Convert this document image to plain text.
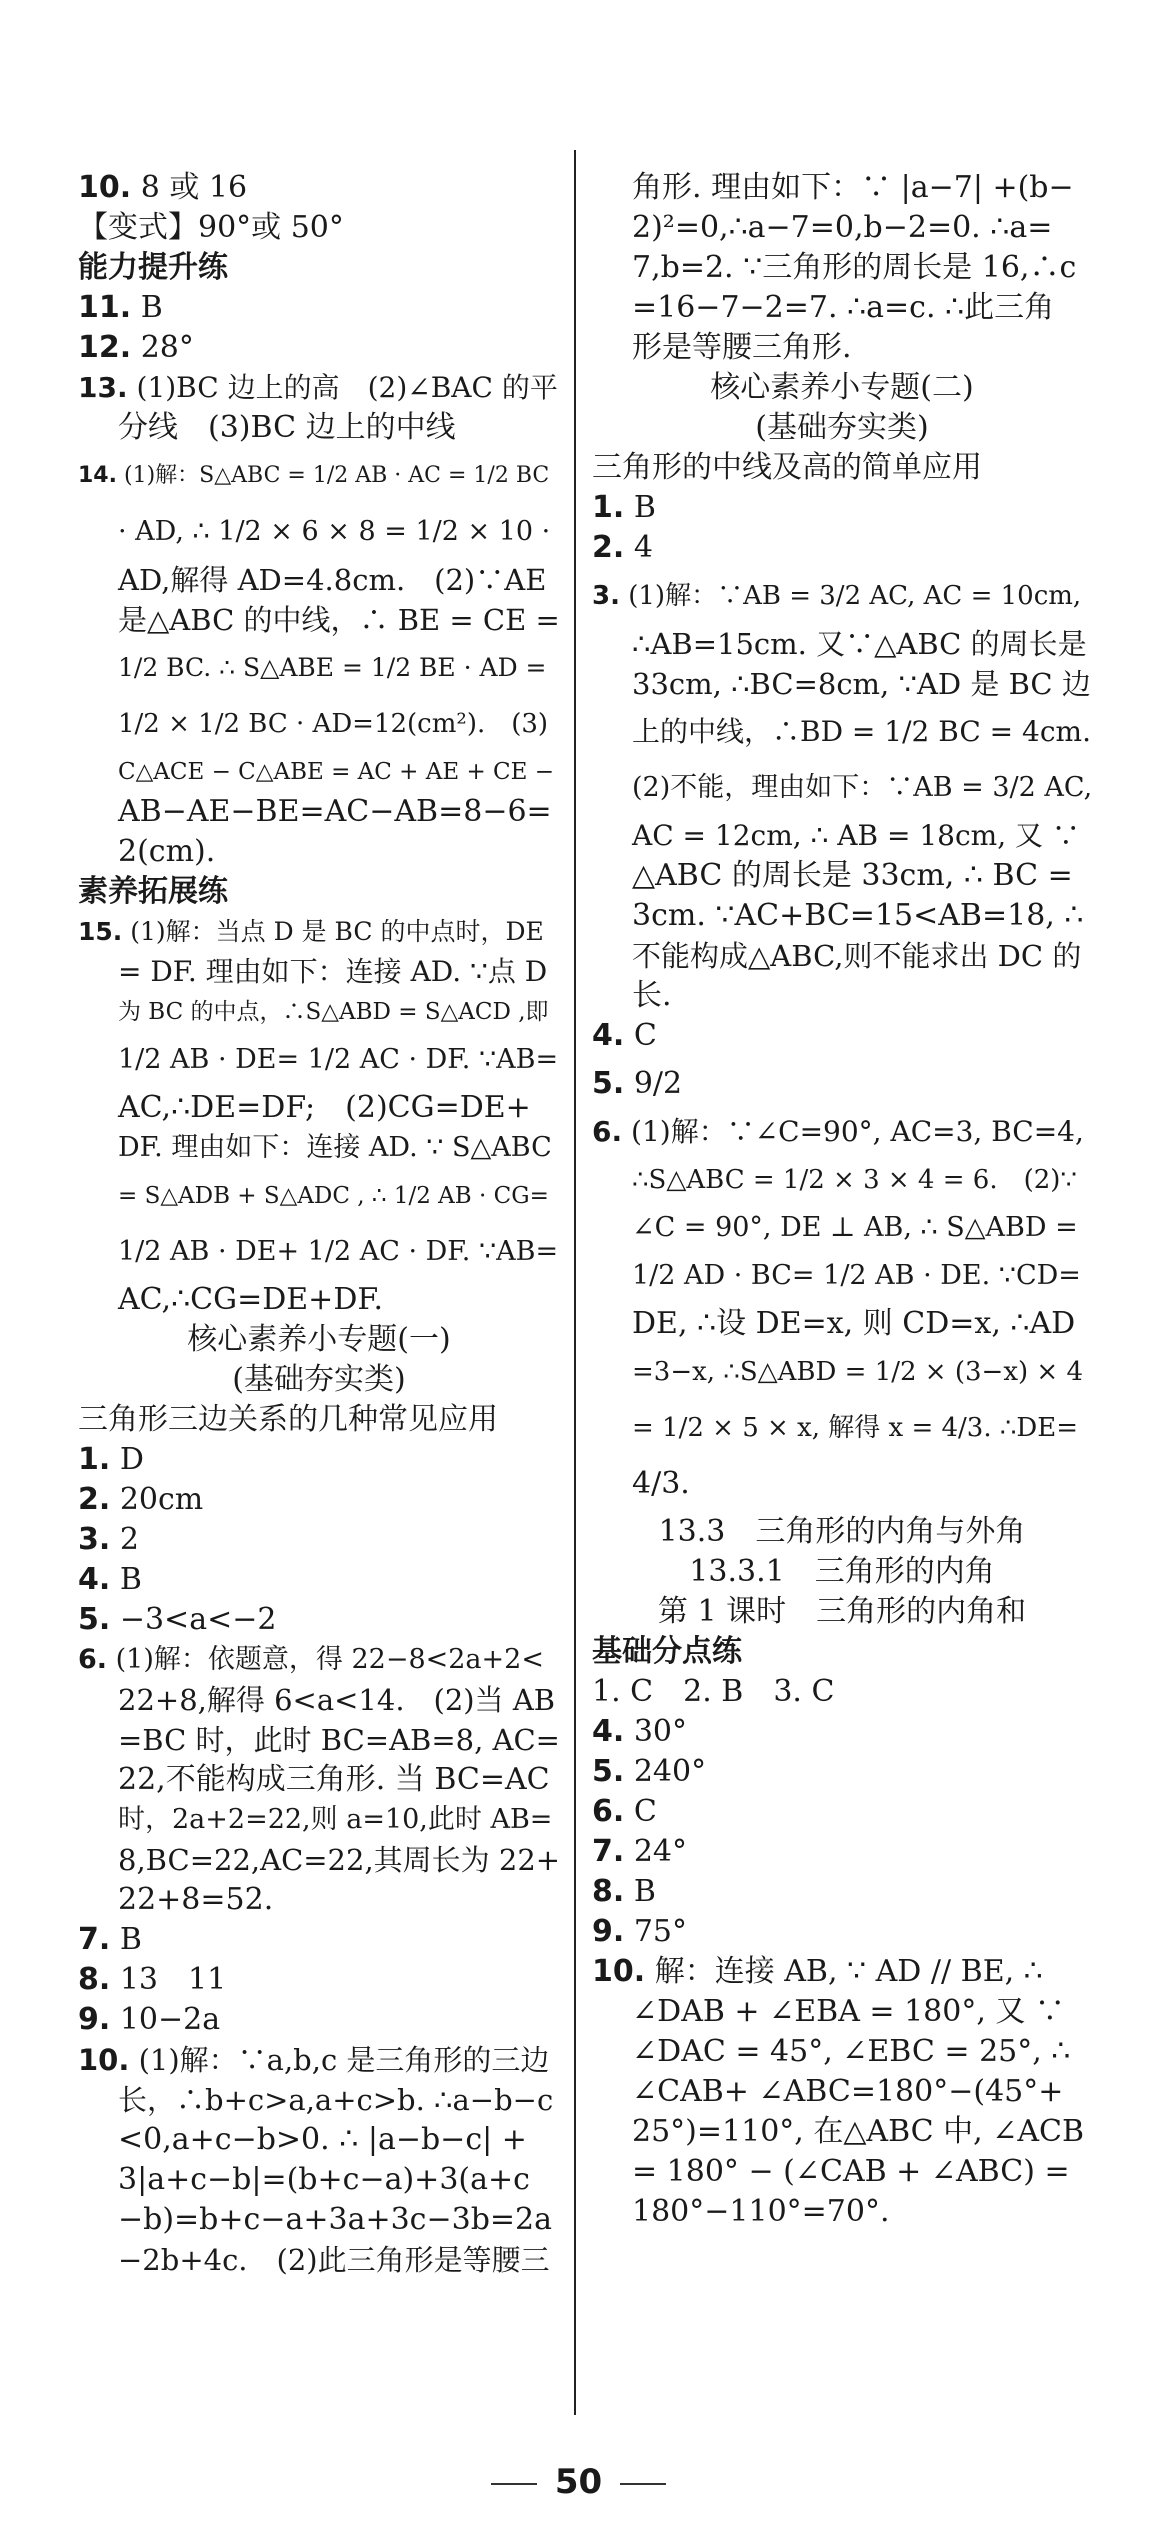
10. 8 或 16
【变式】90°或 50°
能力提升练
11. B
12. 28°
13. (1)BC 边上的高　(2)∠BAC 的平
分线　(3)BC 边上的中线
14. (1)解：S△ABC = 1/2 AB · AC = 1/2 BC
· AD, ∴ 1/2 × 6 × 8 = 1/2 × 10 ·
AD,解得 AD=4.8cm.　(2)∵AE
是△ABC 的中线，∴ BE = CE =
1/2 BC. ∴ S△ABE = 1/2 BE · AD =
1/2 × 1/2 BC · AD=12(cm²).　(3)
C△ACE − C△ABE = AC + AE + CE −
AB−AE−BE=AC−AB=8−6=
2(cm).
素养拓展练
15. (1)解：当点 D 是 BC 的中点时，DE
= DF. 理由如下：连接 AD. ∵点 D
为 BC 的中点，∴S△ABD = S△ACD ,即
1/2 AB · DE= 1/2 AC · DF. ∵AB=
AC,∴DE=DF;　(2)CG=DE+
DF. 理由如下：连接 AD. ∵ S△ABC
= S△ADB + S△ADC , ∴ 1/2 AB · CG=
1/2 AB · DE+ 1/2 AC · DF. ∵AB=
AC,∴CG=DE+DF.
核心素养小专题(一)
(基础夯实类)
三角形三边关系的几种常见应用
1. D
2. 20cm
3. 2
4. B
5. −3<a<−2
6. (1)解：依题意，得 22−8<2a+2<
22+8,解得 6<a<14.　(2)当 AB
=BC 时，此时 BC=AB=8, AC=
22,不能构成三角形. 当 BC=AC
时，2a+2=22,则 a=10,此时 AB=
8,BC=22,AC=22,其周长为 22+
22+8=52.
7. B
8. 13　11
9. 10−2a
10. (1)解：∵a,b,c 是三角形的三边
长，∴b+c>a,a+c>b. ∴a−b−c
<0,a+c−b>0. ∴ |a−b−c| +
3|a+c−b|=(b+c−a)+3(a+c
−b)=b+c−a+3a+3c−3b=2a
−2b+4c.　(2)此三角形是等腰三
角形. 理由如下：∵ |a−7| +(b−
2)²=0,∴a−7=0,b−2=0. ∴a=
7,b=2. ∵三角形的周长是 16,∴c
=16−7−2=7. ∴a=c. ∴此三角
形是等腰三角形.
核心素养小专题(二)
(基础夯实类)
三角形的中线及高的简单应用
1. B
2. 4
3. (1)解：∵AB = 3/2 AC, AC = 10cm,
∴AB=15cm. 又∵△ABC 的周长是
33cm, ∴BC=8cm, ∵AD 是 BC 边
上的中线，∴BD = 1/2 BC = 4cm.
(2)不能，理由如下：∵AB = 3/2 AC,
AC = 12cm, ∴ AB = 18cm, 又 ∵
△ABC 的周长是 33cm, ∴ BC =
3cm. ∵AC+BC=15<AB=18, ∴
不能构成△ABC,则不能求出 DC 的
长.
4. C
5. 9/2
6. (1)解：∵∠C=90°, AC=3, BC=4,
∴S△ABC = 1/2 × 3 × 4 = 6.　(2)∵
∠C = 90°, DE ⊥ AB, ∴ S△ABD =
1/2 AD · BC= 1/2 AB · DE. ∵CD=
DE, ∴设 DE=x, 则 CD=x, ∴AD
=3−x, ∴S△ABD = 1/2 × (3−x) × 4
= 1/2 × 5 × x, 解得 x = 4/3. ∴DE=
4/3.
13.3　三角形的内角与外角
13.3.1　三角形的内角
第 1 课时　三角形的内角和
基础分点练
1. C　2. B　3. C
4. 30°
5. 240°
6. C
7. 24°
8. B
9. 75°
10. 解：连接 AB, ∵ AD // BE, ∴
∠DAB + ∠EBA = 180°, 又 ∵
∠DAC = 45°, ∠EBC = 25°, ∴
∠CAB+ ∠ABC=180°−(45°+
25°)=110°, 在△ABC 中, ∠ACB
= 180° − (∠CAB + ∠ABC) =
180°−110°=70°.
50
